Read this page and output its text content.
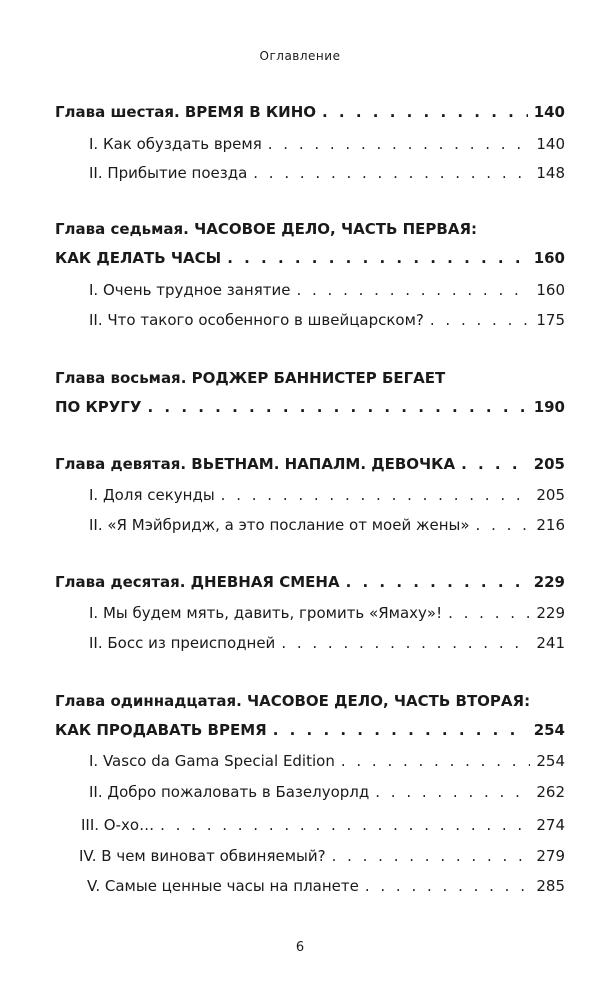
Оглавление
Глава шестая. ВРЕМЯ В КИНО . . .	140
I. Как обуздать время . . .	140
II. Прибытие поезда . . .	148
Глава седьмая. ЧАСОВОЕ ДЕЛО, ЧАСТЬ ПЕРВАЯ:
КАК ДЕЛАТЬ ЧАСЫ . . .	160
I. Очень трудное занятие . . .	160
II. Что такого особенного в швейцарском? . . .	175
Глава восьмая. РОДЖЕР БАННИСТЕР БЕГАЕТ
ПО КРУГУ . . .	190
Глава девятая. ВЬЕТНАМ. НАПАЛМ. ДЕВОЧКА . . .	205
I. Доля секунды . . .	205
II. «Я Мэйбридж, а это послание от моей жены» . . .	216
Глава десятая. ДНЕВНАЯ СМЕНА . . .	229
I. Мы будем мять, давить, громить «Ямаху»! . . .	229
II. Босс из преисподней . . .	241
Глава одиннадцатая. ЧАСОВОЕ ДЕЛО, ЧАСТЬ ВТОРАЯ:
КАК ПРОДАВАТЬ ВРЕМЯ . . .	254
I. Vasco da Gama Special Edition . . .	254
II. Добро пожаловать в Базелуорлд . . .	262
III. О-хо… . . .	274
IV. В чем виноват обвиняемый? . . .	279
V. Самые ценные часы на планете . . .	285
6
